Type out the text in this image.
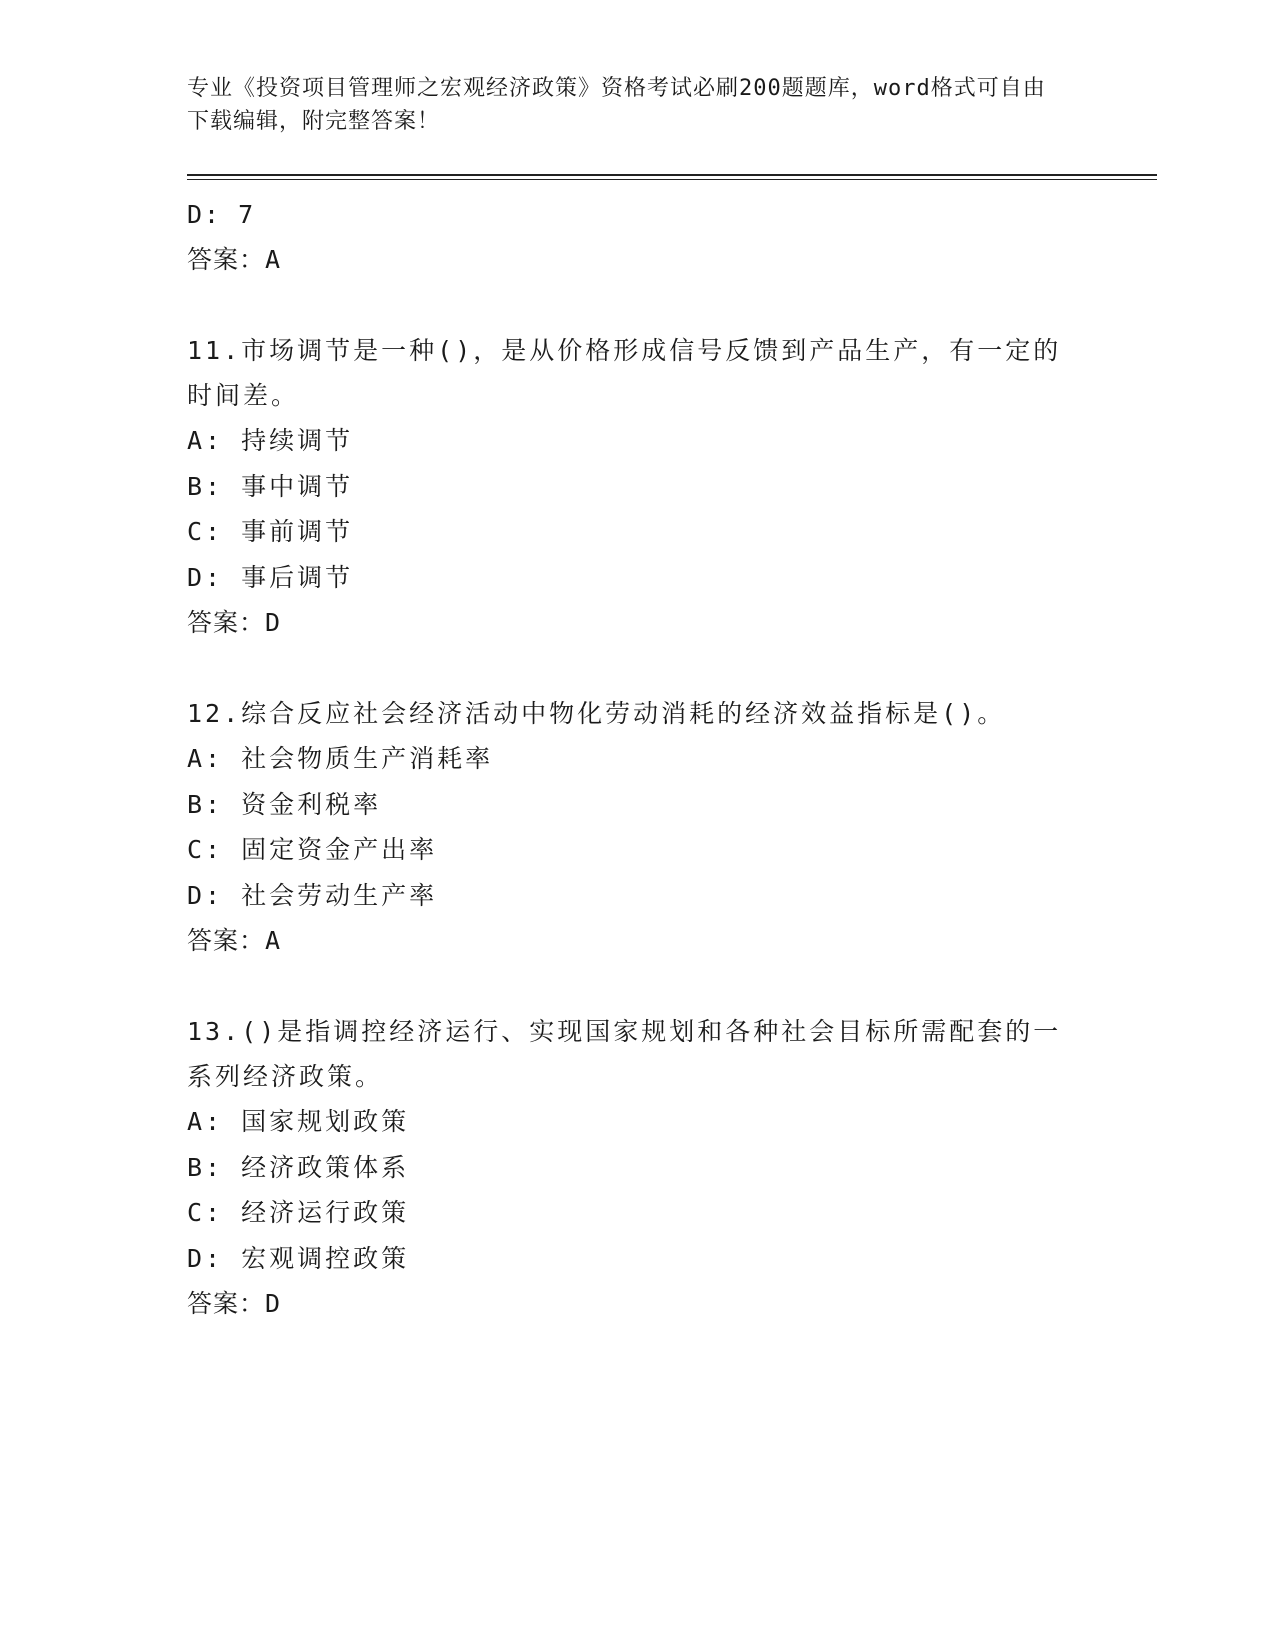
专业《投资项目管理师之宏观经济政策》资格考试必刷200题题库，word格式可自由下载编辑，附完整答案！
D: 7
答案：A
11.市场调节是一种()，是从价格形成信号反馈到产品生产，有一定的时间差。
A: 持续调节
B: 事中调节
C: 事前调节
D: 事后调节
答案：D
12.综合反应社会经济活动中物化劳动消耗的经济效益指标是()。
A: 社会物质生产消耗率
B: 资金利税率
C: 固定资金产出率
D: 社会劳动生产率
答案：A
13.()是指调控经济运行、实现国家规划和各种社会目标所需配套的一系列经济政策。
A: 国家规划政策
B: 经济政策体系
C: 经济运行政策
D: 宏观调控政策
答案：D
